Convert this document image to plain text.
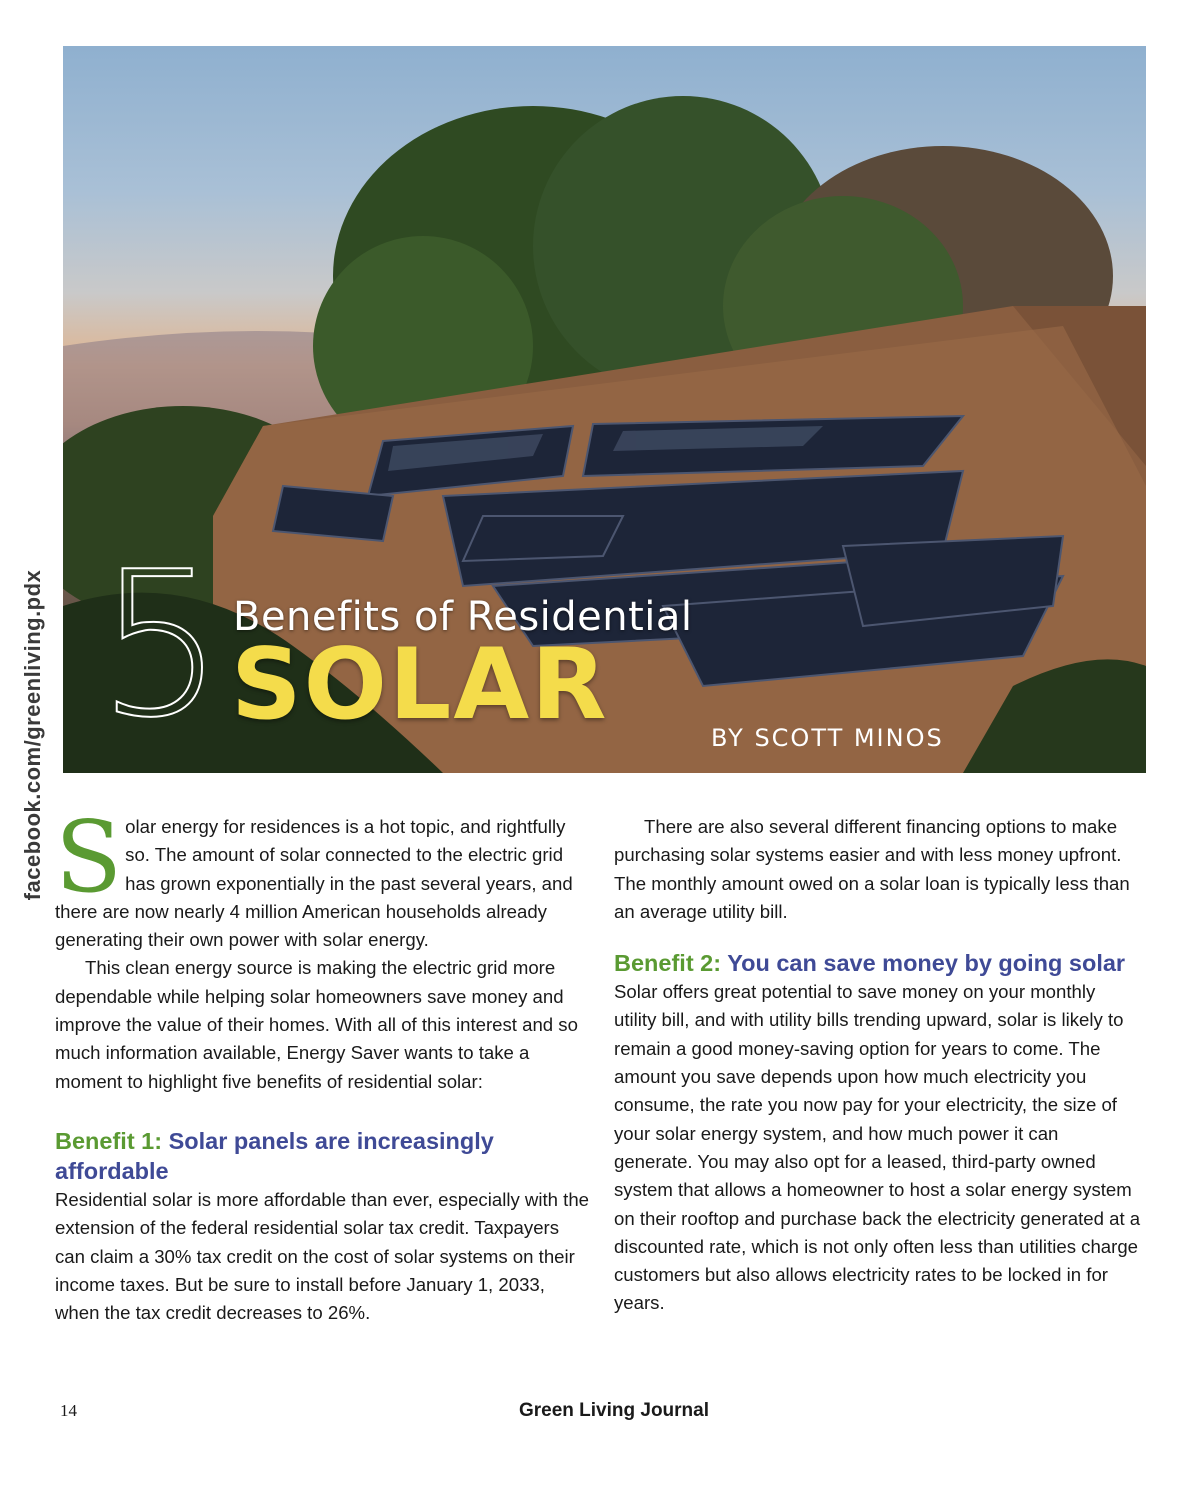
5 Benefits of Residential
SOLAR	BY SCOTT MINOS
facebook.com/greenliving.pdx Solar energy for residences is a hot topic, and rightfully so. The amount of solar connected to the electric grid has grown exponentially in the past several years, and there are now nearly 4 million American households already generating their own power with solar energy.

This clean energy source is making the electric grid more dependable while helping solar homeowners save money and improve the value of their homes. With all of this interest and so much information available, Energy Saver wants to take a moment to highlight five benefits of residential solar:

Benefit 1: Solar panels are increasingly affordable

Residential solar is more affordable than ever, especially with the extension of the federal residential solar tax credit. Taxpayers can claim a 30% tax credit on the cost of solar systems on their income taxes. But be sure to install before January 1, 2033, when the tax credit decreases to 26%.

There are also several different financing options to make purchasing solar systems easier and with less money upfront. The monthly amount owed on a solar loan is typically less than an average utility bill.

Benefit 2: You can save money by going solar

Solar offers great potential to save money on your monthly utility bill, and with utility bills trending upward, solar is likely to remain a good money-saving option for years to come. The amount you save depends upon how much electricity you consume, the rate you now pay for your electricity, the size of your solar energy system, and how much power it can generate. You may also opt for a leased, third-party owned system that allows a homeowner to host a solar energy system on their rooftop and purchase back the electricity generated at a discounted rate, which is not only often less than utilities charge customers but also allows electricity rates to be locked in for years.

14	Green Living Journal
